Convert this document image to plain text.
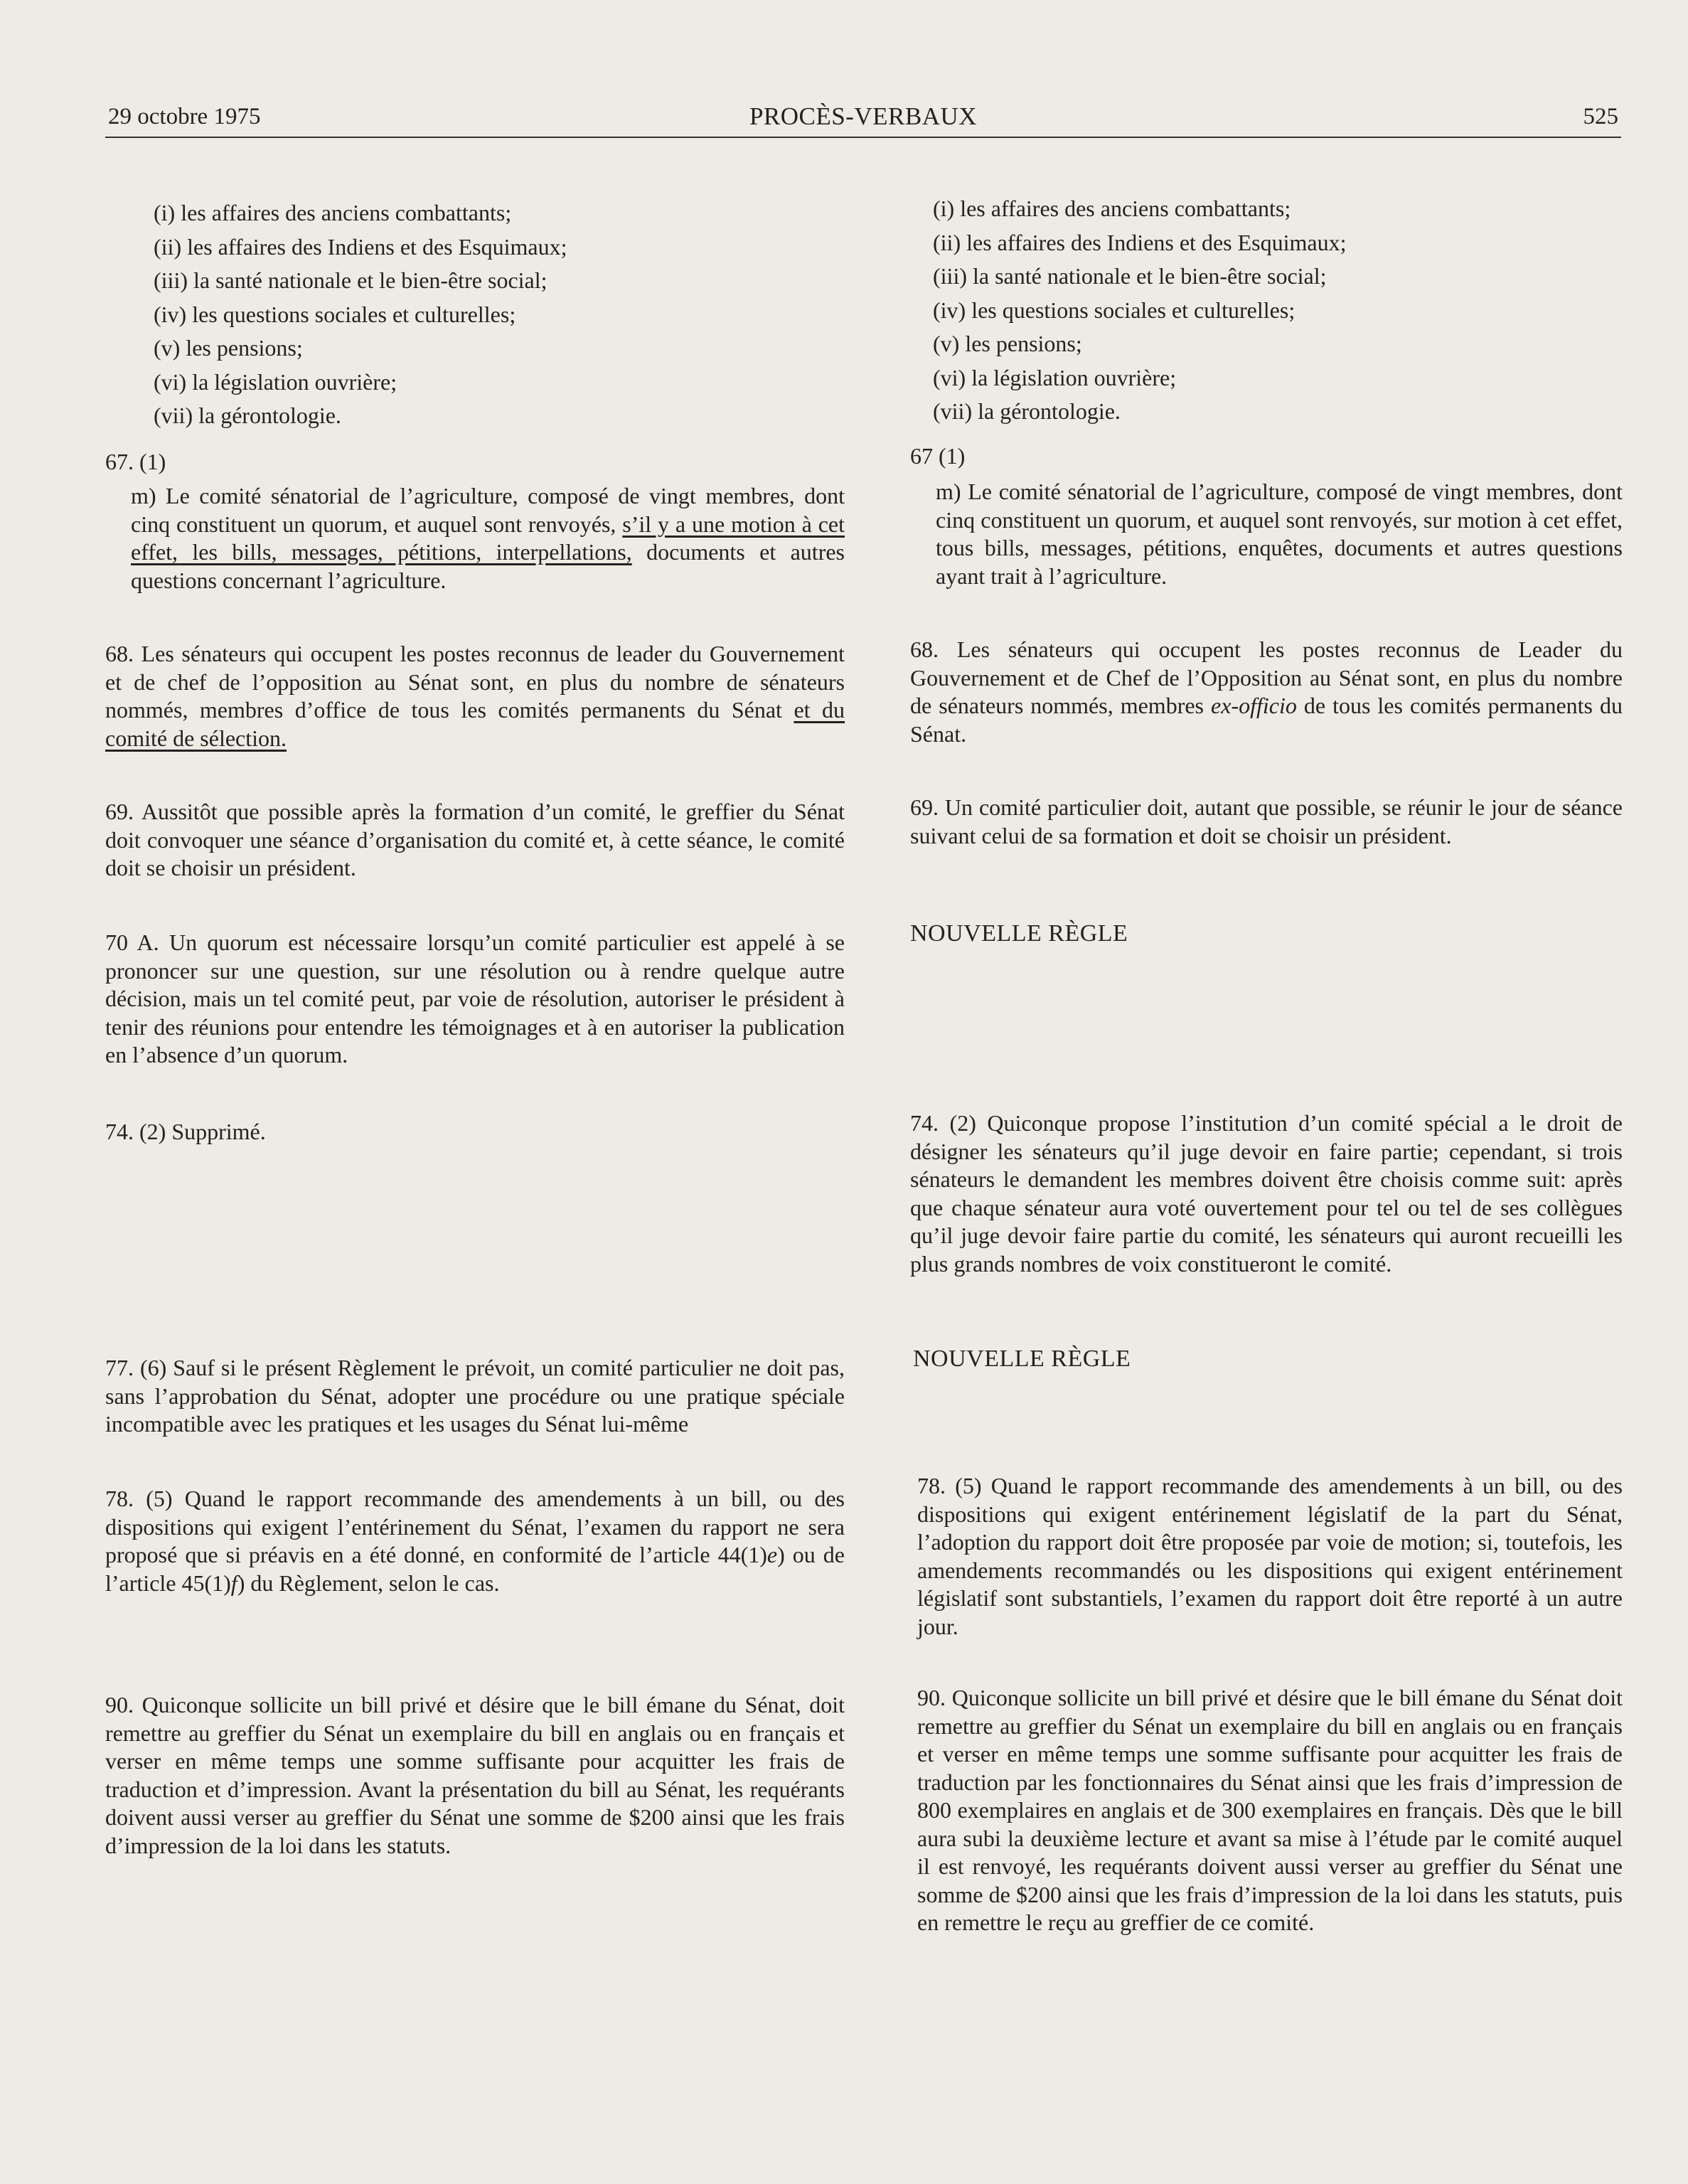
29 octobre 1975	PROCÈS-VERBAUX	525
(i) les affaires des anciens combattants;
(ii) les affaires des Indiens et des Esquimaux;
(iii) la santé nationale et le bien-être social;
(iv) les questions sociales et culturelles;
(v) les pensions;
(vi) la législation ouvrière;
(vii) la gérontologie.
67. (1)
m) Le comité sénatorial de l’agriculture, composé de vingt membres, dont cinq constituent un quorum, et auquel sont renvoyés, s’il y a une motion à cet effet, les bills, messages, pétitions, interpellations, documents et autres questions concernant l’agriculture.
68. Les sénateurs qui occupent les postes reconnus de leader du Gouvernement et de chef de l’opposition au Sénat sont, en plus du nombre de sénateurs nommés, membres d’office de tous les comités permanents du Sénat et du comité de sélection.
69. Aussitôt que possible après la formation d’un comité, le greffier du Sénat doit convoquer une séance d’organisation du comité et, à cette séance, le comité doit se choisir un président.
70 A. Un quorum est nécessaire lorsqu’un comité particulier est appelé à se prononcer sur une question, sur une résolution ou à rendre quelque autre décision, mais un tel comité peut, par voie de résolution, autoriser le président à tenir des réunions pour entendre les témoignages et à en autoriser la publication en l’absence d’un quorum.
74. (2) Supprimé.
77. (6) Sauf si le présent Règlement le prévoit, un comité particulier ne doit pas, sans l’approbation du Sénat, adopter une procédure ou une pratique spéciale incompatible avec les pratiques et les usages du Sénat lui-même
78. (5) Quand le rapport recommande des amendements à un bill, ou des dispositions qui exigent l’entérinement du Sénat, l’examen du rapport ne sera proposé que si préavis en a été donné, en conformité de l’article 44(1)e) ou de l’article 45(1)f) du Règlement, selon le cas.
90. Quiconque sollicite un bill privé et désire que le bill émane du Sénat, doit remettre au greffier du Sénat un exemplaire du bill en anglais ou en français et verser en même temps une somme suffisante pour acquitter les frais de traduction et d’impression. Avant la présentation du bill au Sénat, les requérants doivent aussi verser au greffier du Sénat une somme de $200 ainsi que les frais d’impression de la loi dans les statuts.
(i) les affaires des anciens combattants;
(ii) les affaires des Indiens et des Esquimaux;
(iii) la santé nationale et le bien-être social;
(iv) les questions sociales et culturelles;
(v) les pensions;
(vi) la législation ouvrière;
(vii) la gérontologie.
67 (1)
m) Le comité sénatorial de l’agriculture, composé de vingt membres, dont cinq constituent un quorum, et auquel sont renvoyés, sur motion à cet effet, tous bills, messages, pétitions, enquêtes, documents et autres questions ayant trait à l’agriculture.
68. Les sénateurs qui occupent les postes reconnus de Leader du Gouvernement et de Chef de l’Opposition au Sénat sont, en plus du nombre de sénateurs nommés, membres ex-officio de tous les comités permanents du Sénat.
69. Un comité particulier doit, autant que possible, se réunir le jour de séance suivant celui de sa formation et doit se choisir un président.
NOUVELLE RÈGLE
74. (2) Quiconque propose l’institution d’un comité spécial a le droit de désigner les sénateurs qu’il juge devoir en faire partie; cependant, si trois sénateurs le demandent les membres doivent être choisis comme suit: après que chaque sénateur aura voté ouvertement pour tel ou tel de ses collègues qu’il juge devoir faire partie du comité, les sénateurs qui auront recueilli les plus grands nombres de voix constitueront le comité.
NOUVELLE RÈGLE
78. (5) Quand le rapport recommande des amendements à un bill, ou des dispositions qui exigent entérinement législatif de la part du Sénat, l’adoption du rapport doit être proposée par voie de motion; si, toutefois, les amendements recommandés ou les dispositions qui exigent entérinement législatif sont substantiels, l’examen du rapport doit être reporté à un autre jour.
90. Quiconque sollicite un bill privé et désire que le bill émane du Sénat doit remettre au greffier du Sénat un exemplaire du bill en anglais ou en français et verser en même temps une somme suffisante pour acquitter les frais de traduction par les fonctionnaires du Sénat ainsi que les frais d’impression de 800 exemplaires en anglais et de 300 exemplaires en français. Dès que le bill aura subi la deuxième lecture et avant sa mise à l’étude par le comité auquel il est renvoyé, les requérants doivent aussi verser au greffier du Sénat une somme de $200 ainsi que les frais d’impression de la loi dans les statuts, puis en remettre le reçu au greffier de ce comité.
